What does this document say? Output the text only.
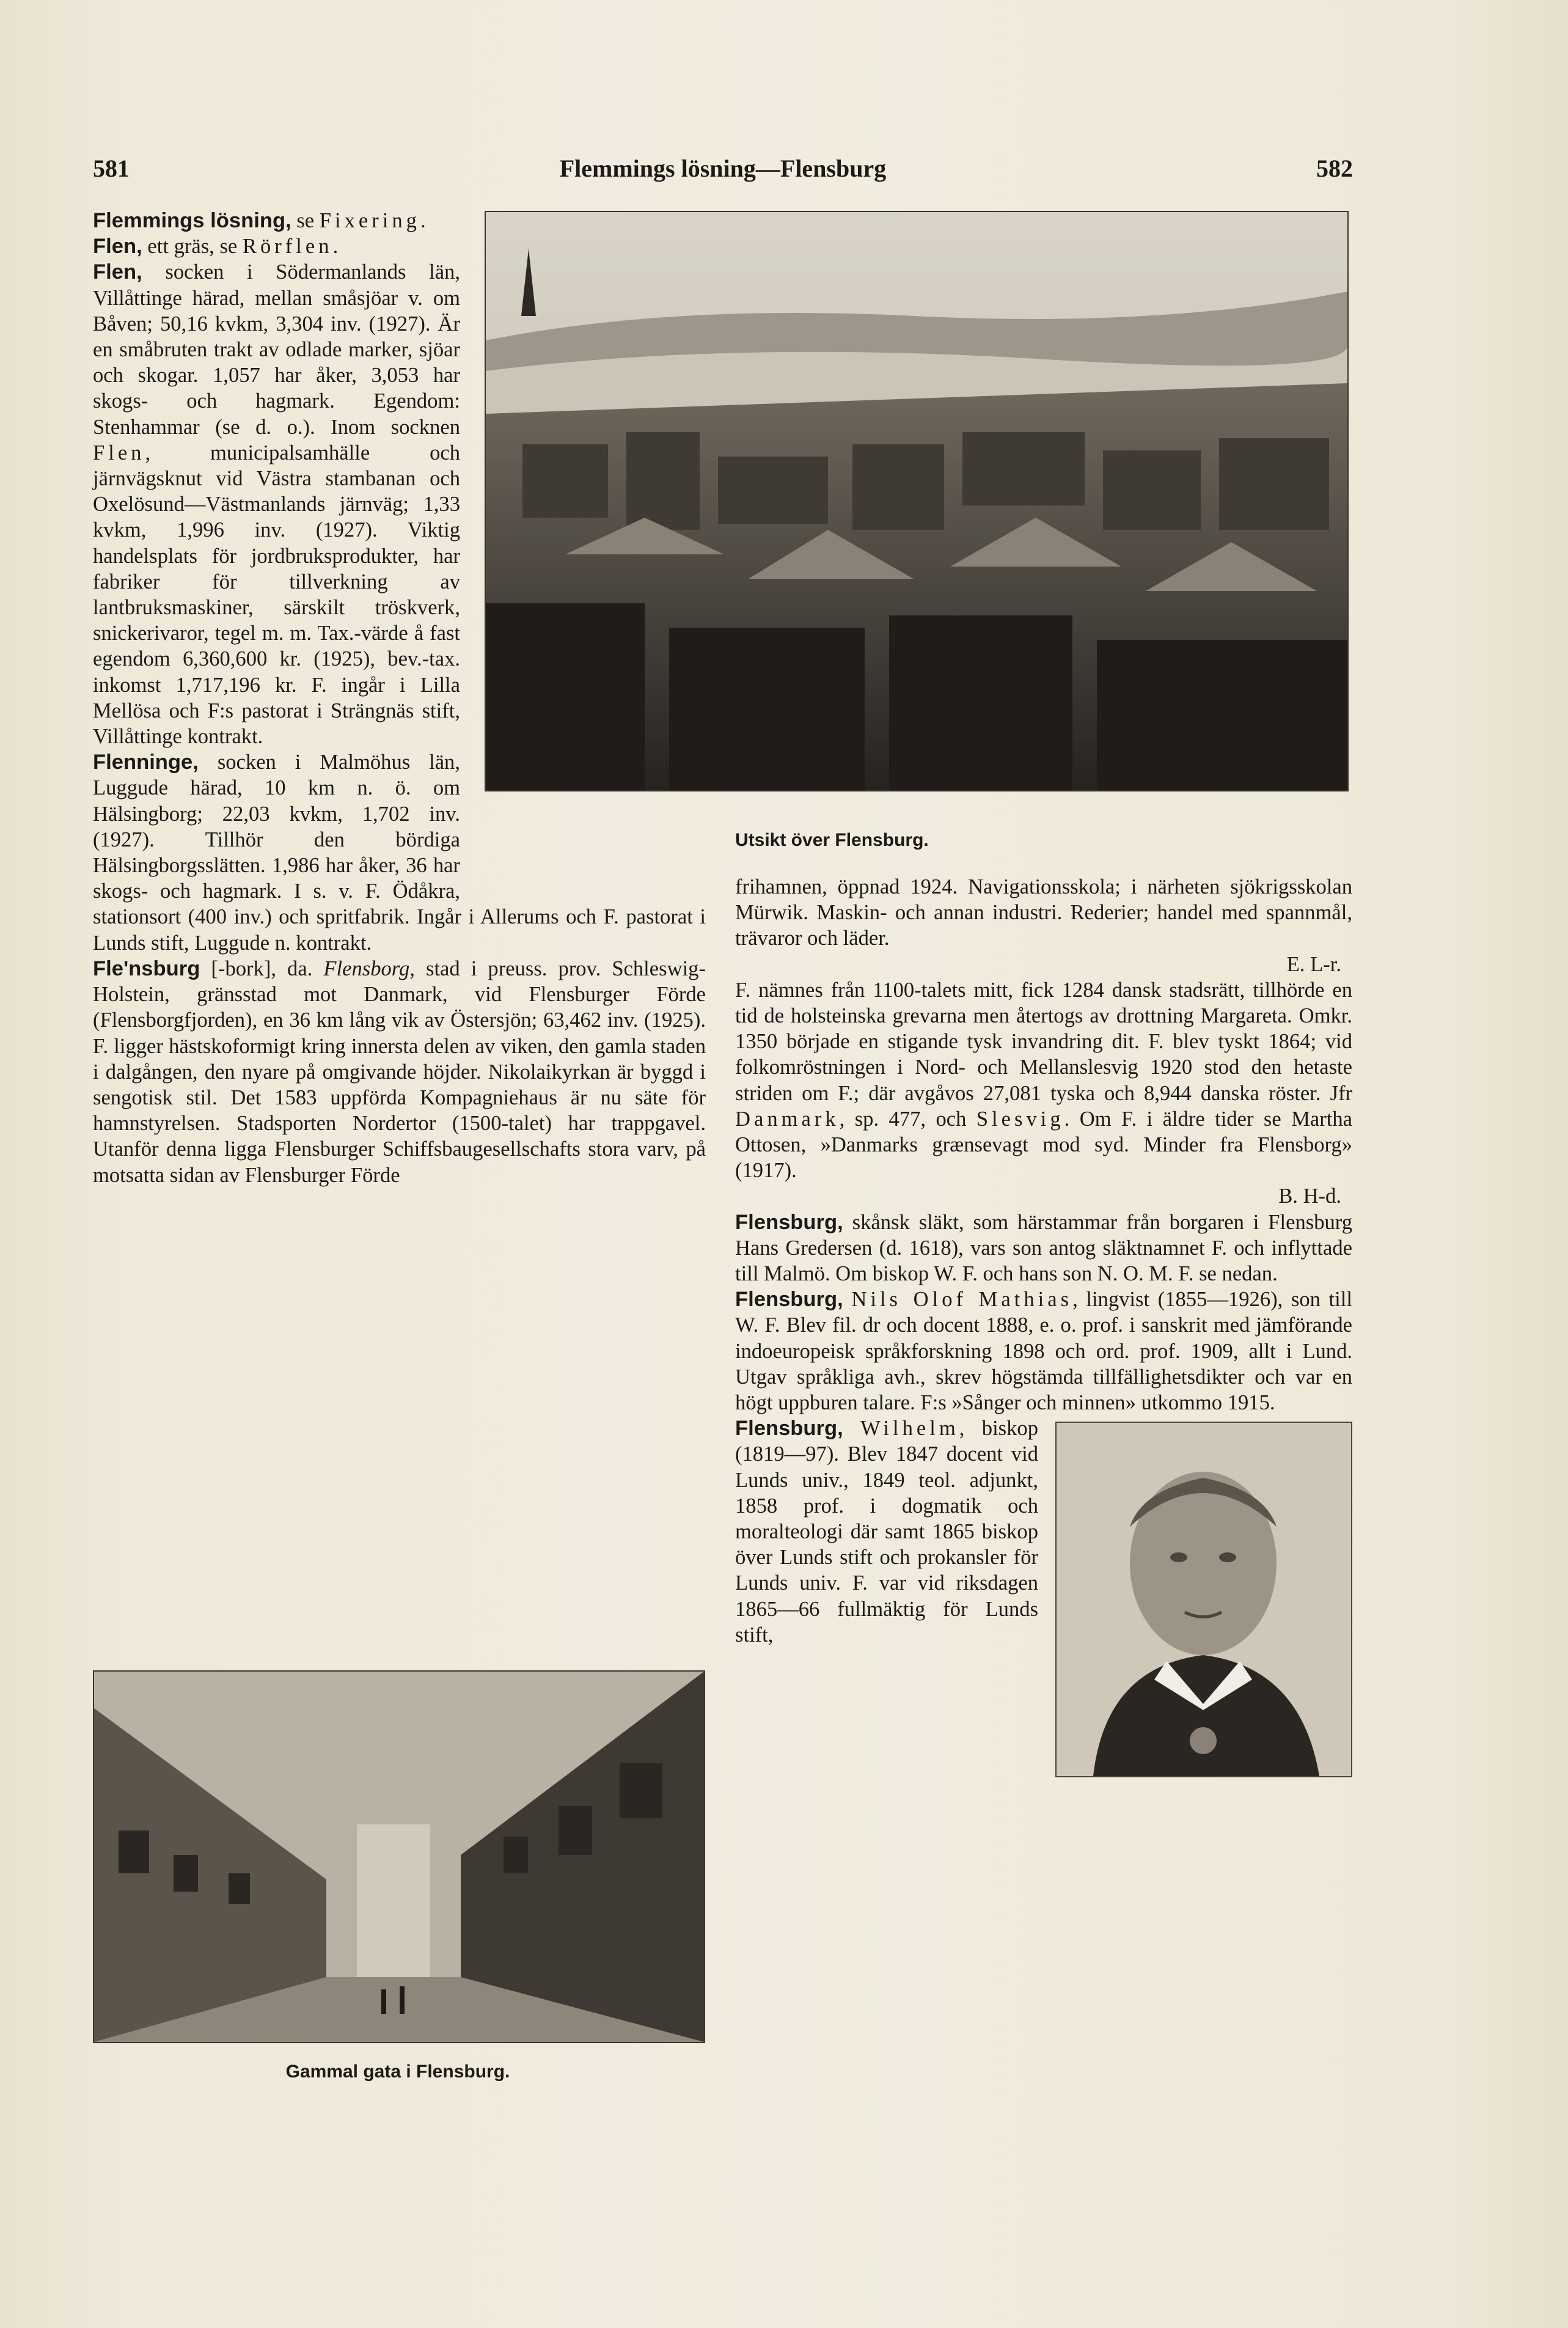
581	Flemmings lösning—Flensburg	582
Utsikt över Flensburg.

Flemmings lösning, se Fixering.

Flen, ett gräs, se Rörflen.

Flen, socken i Södermanlands län, Villåttinge härad, mellan småsjöar v. om Båven; 50,16 kvkm, 3,304 inv. (1927). Är en småbruten trakt av odlade marker, sjöar och skogar. 1,057 har åker, 3,053 har skogs- och hagmark. Egendom: Stenhammar (se d. o.). Inom socknen Flen, municipalsamhälle och järnvägsknut vid Västra stambanan och Oxelösund—Västmanlands järnväg; 1,33 kvkm, 1,996 inv. (1927). Viktig handelsplats för jordbruksprodukter, har fabriker för tillverkning av lantbruksmaskiner, särskilt tröskverk, snickerivaror, tegel m. m. Tax.-värde å fast egendom 6,360,600 kr. (1925), bev.-tax. inkomst 1,717,196 kr. F. ingår i Lilla Mellösa och F:s pastorat i Strängnäs stift, Villåttinge kontrakt.

Flenninge, socken i Malmöhus län, Luggude härad, 10 km n. ö. om Hälsingborg; 22,03 kvkm, 1,702 inv. (1927). Tillhör den bördiga Hälsingborgsslätten. 1,986 har åker, 36 har skogs- och hagmark. I s. v. F. Ödåkra, stationsort (400 inv.) och spritfabrik. Ingår i Allerums och F. pastorat i Lunds stift, Luggude n. kontrakt.

Fle'nsburg [-bork], da. Flensborg, stad i preuss. prov. Schleswig-Holstein, gränsstad mot Danmark, vid Flensburger Förde (Flensborgfjorden), en 36 km lång vik av Östersjön; 63,462 inv. (1925). F. ligger hästskoformigt kring innersta delen av viken, den gamla staden i dalgången, den nyare på omgivande höjder. Nikolaikyrkan är byggd i sengotisk stil. Det 1583 uppförda Kompagniehaus är nu säte för hamnstyrelsen. Stadsporten Nordertor (1500-talet) har trappgavel. Utanför denna ligga Flensburger Schiffsbaugesellschafts stora varv, på motsatta sidan av Flensburger Förde

Gammal gata i Flensburg.

frihamnen, öppnad 1924. Navigationsskola; i närheten sjökrigsskolan Mürwik. Maskin- och annan industri. Rederier; handel med spannmål, trävaror och läder.
E. L-r.

F. nämnes från 1100-talets mitt, fick 1284 dansk stadsrätt, tillhörde en tid de holsteinska grevarna men återtogs av drottning Margareta. Omkr. 1350 började en stigande tysk invandring dit. F. blev tyskt 1864; vid folkomröstningen i Nord- och Mellanslesvig 1920 stod den hetaste striden om F.; där avgåvos 27,081 tyska och 8,944 danska röster. Jfr Danmark, sp. 477, och Slesvig. Om F. i äldre tider se Martha Ottosen, »Danmarks grænsevagt mod syd. Minder fra Flensborg» (1917).
B. H-d.

Flensburg, skånsk släkt, som härstammar från borgaren i Flensburg Hans Gredersen (d. 1618), vars son antog släktnamnet F. och inflyttade till Malmö. Om biskop W. F. och hans son N. O. M. F. se nedan.

Flensburg, Nils Olof Mathias, lingvist (1855—1926), son till W. F. Blev fil. dr och docent 1888, e. o. prof. i sanskrit med jämförande indoeuropeisk språkforskning 1898 och ord. prof. 1909, allt i Lund. Utgav språkliga avh., skrev högstämda tillfällighetsdikter och var en högt uppburen talare. F:s »Sånger och minnen» utkommo 1915.

Flensburg, Wilhelm, biskop (1819—97). Blev 1847 docent vid Lunds univ., 1849 teol. adjunkt, 1858 prof. i dogmatik och moralteologi där samt 1865 biskop över Lunds stift och prokansler för Lunds univ. F. var vid riksdagen 1865—66 fullmäktig för Lunds stift,
